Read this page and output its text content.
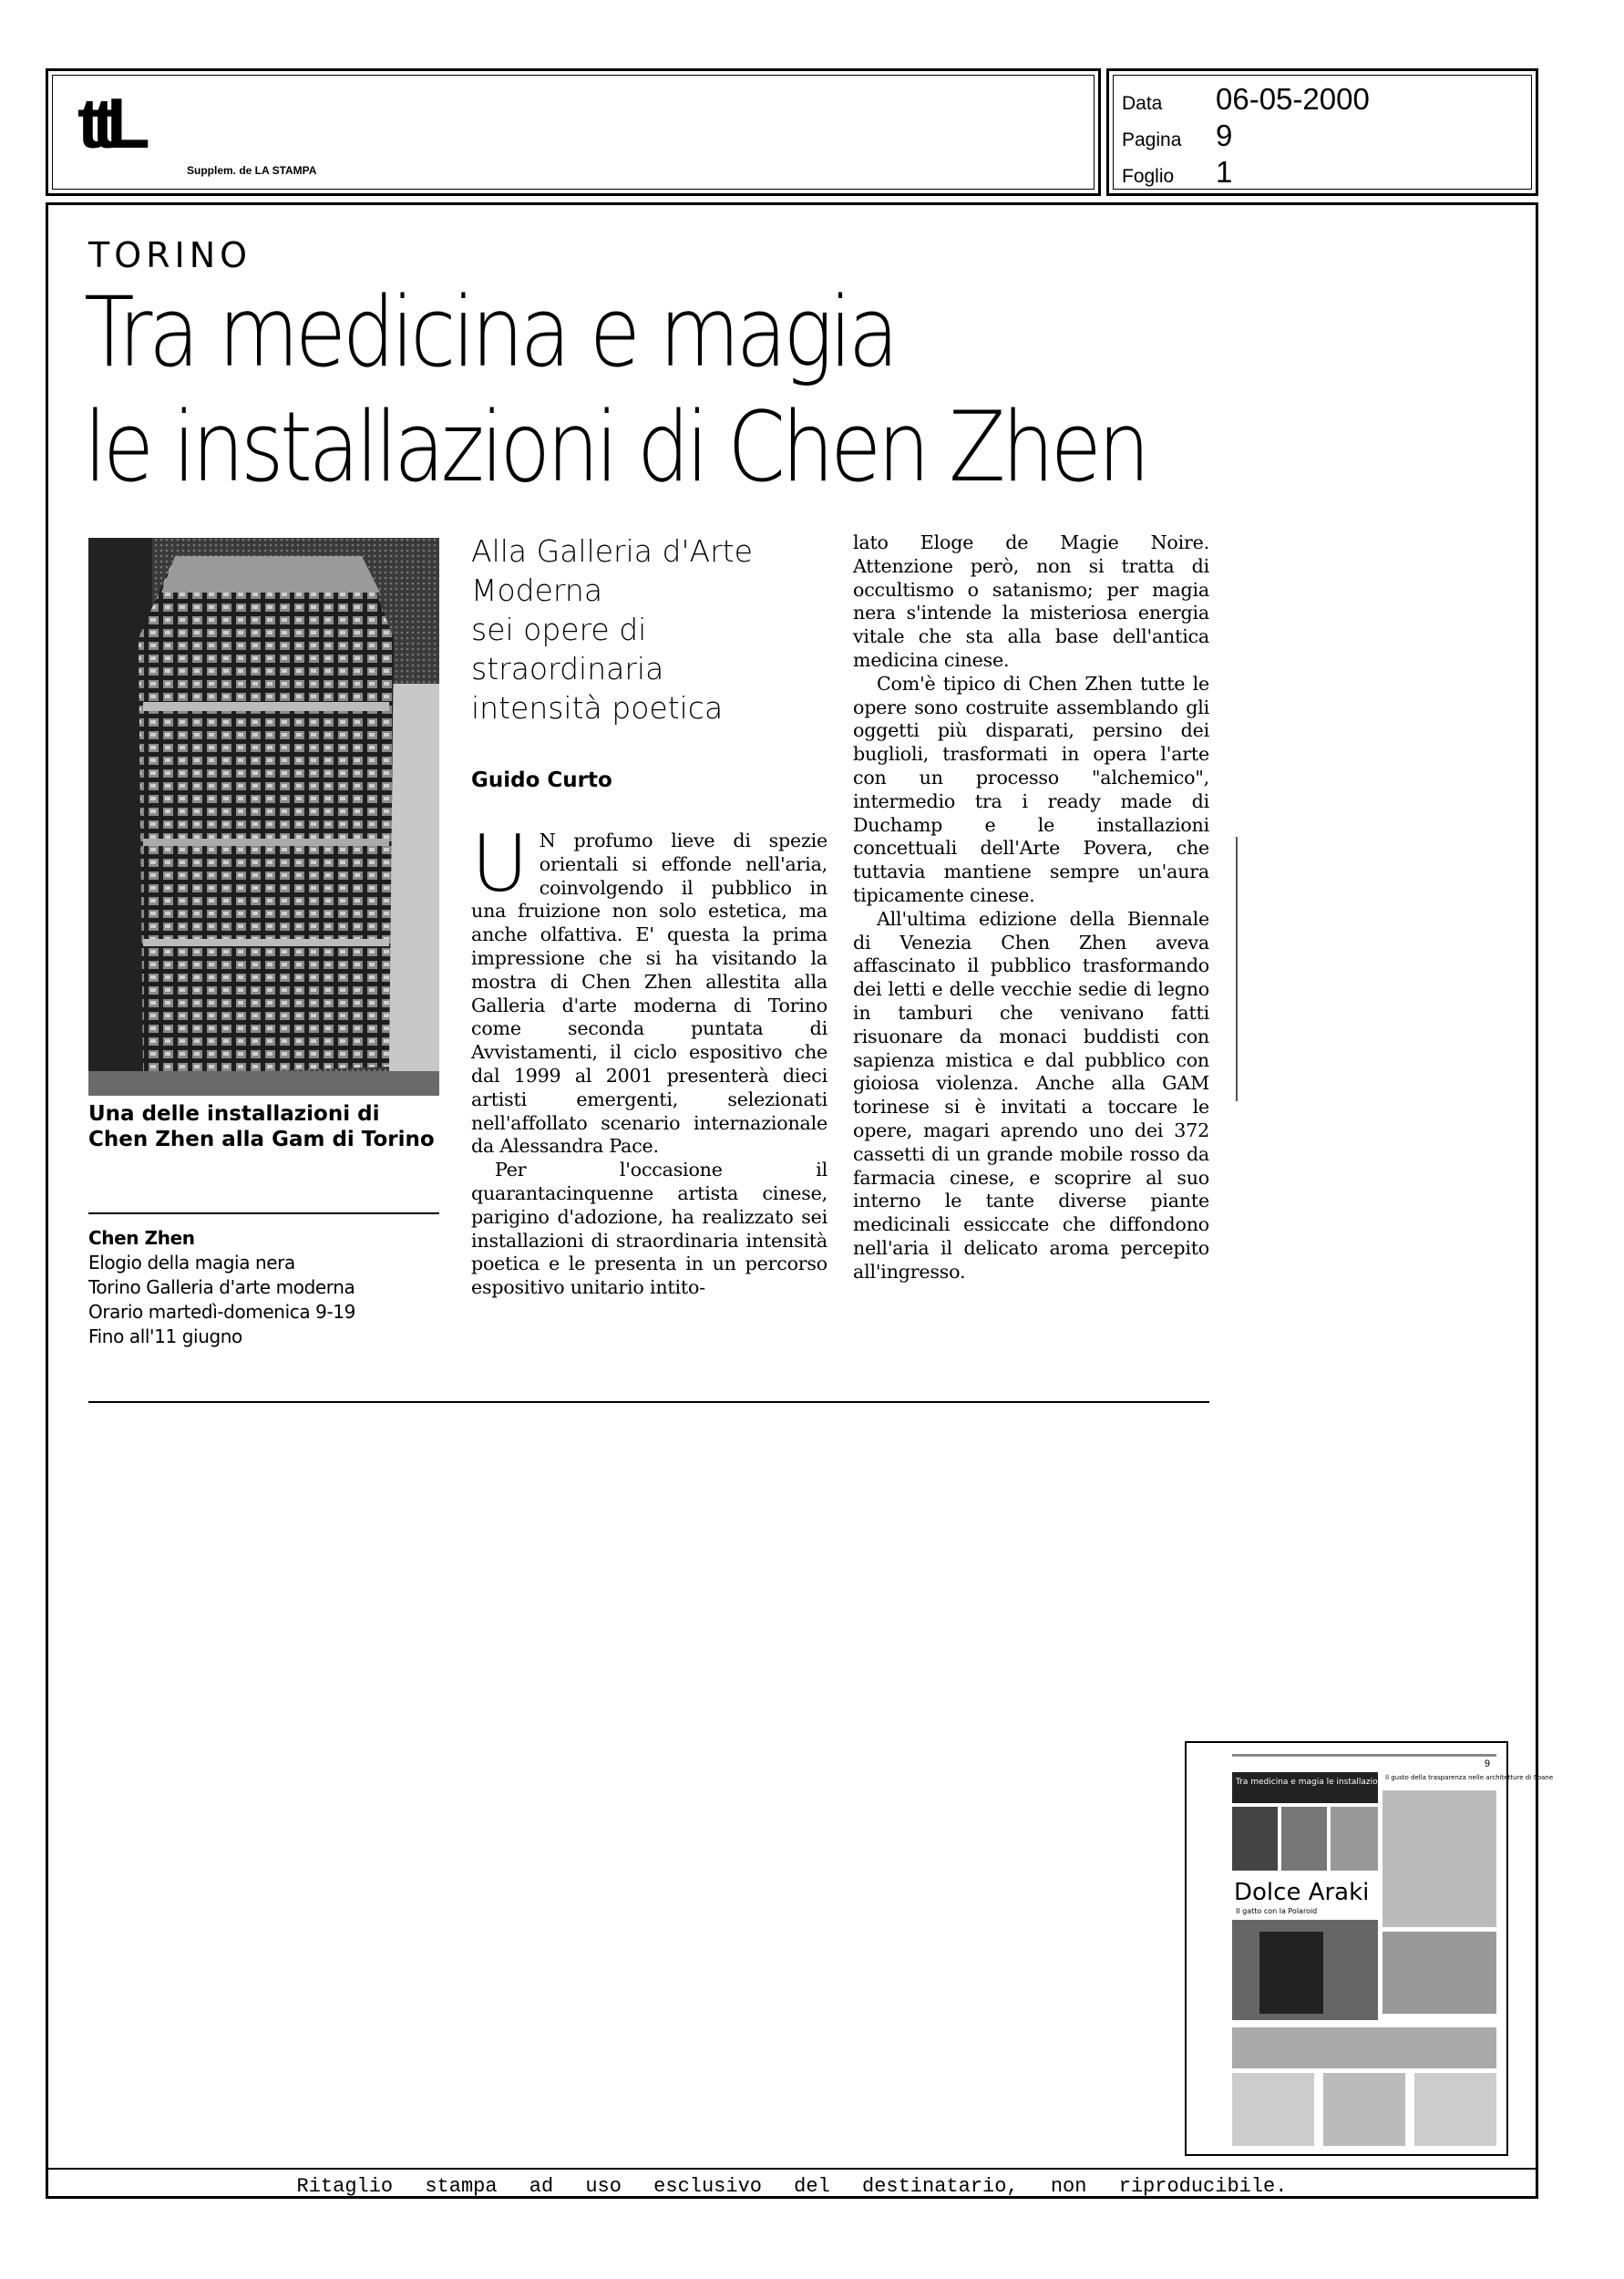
ttL
Supplem. de LA STAMPA
Data 06-05-2000
Pagina 9
Foglio 1
TORINO
Tra medicina e magia
le installazioni di Chen Zhen
Una delle installazioni di Chen Zhen alla Gam di Torino
Chen Zhen
Elogio della magia nera
Torino Galleria d'arte moderna
Orario martedì-domenica 9-19
Fino all'11 giugno
Alla Galleria d'Arte
Moderna
sei opere di straordinaria
intensità poetica
Guido Curto

U N profumo lieve di spezie orientali si effonde nell'aria, coinvolgendo il pubblico in una fruizione non solo estetica, ma anche olfattiva. E' questa la prima impressione che si ha visitando la mostra di Chen Zhen allestita alla Galleria d'arte moderna di Torino come seconda puntata di Avvistamenti, il ciclo espositivo che dal 1999 al 2001 presenterà dieci artisti emergenti, selezionati nell'affollato scenario internazionale da Alessandra Pace.

Per l'occasione il quarantacinquenne artista cinese, parigino d'adozione, ha realizzato sei installazioni di straordinaria intensità poetica e le presenta in un percorso espositivo unitario intito-

lato Eloge de Magie Noire. Attenzione però, non si tratta di occultismo o satanismo; per magia nera s'intende la misteriosa energia vitale che sta alla base dell'antica medicina cinese.

Com'è tipico di Chen Zhen tutte le opere sono costruite assemblando gli oggetti più disparati, persino dei buglioli, trasformati in opera l'arte con un processo "alchemico", intermedio tra i ready made di Duchamp e le installazioni concettuali dell'Arte Povera, che tuttavia mantiene sempre un'aura tipicamente cinese.

All'ultima edizione della Biennale di Venezia Chen Zhen aveva affascinato il pubblico trasformando dei letti e delle vecchie sedie di legno in tamburi che venivano fatti risuonare da monaci buddisti con sapienza mistica e dal pubblico con gioiosa violenza. Anche alla GAM torinese si è invitati a toccare le opere, magari aprendo uno dei 372 cassetti di un grande mobile rosso da farmacia cinese, e scoprire al suo interno le tante diverse piante medicinali essiccate che diffondono nell'aria il delicato aroma percepito all'ingresso.

9
Tra medicina e magia le installazioni di Chen Zhen
Il gusto della trasparenza nelle architetture di Soane
Dolce Araki
Il gatto con la Polaroid
Ritaglio stampa ad uso esclusivo del destinatario, non riproducibile.
